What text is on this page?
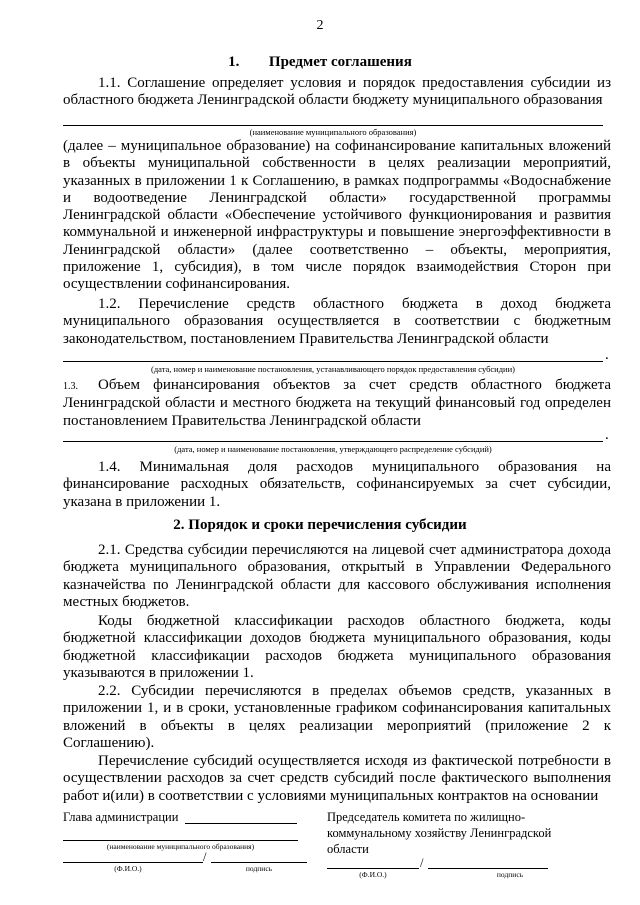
2
1. Предмет соглашения
1.1. Соглашение определяет условия и порядок предоставления субсидии из областного бюджета Ленинградской области бюджету муниципального образования
(наименование муниципального образования)
(далее – муниципальное образование) на софинансирование капитальных вложений в объекты муниципальной собственности в целях реализации мероприятий, указанных в приложении 1 к Соглашению, в рамках подпрограммы «Водоснабжение и водоотведение Ленинградской области» государственной программы Ленинградской области «Обеспечение устойчивого функционирования и развития коммунальной и инженерной инфраструктуры и повышение энергоэффективности в Ленинградской области» (далее соответственно – объекты, мероприятия, приложение 1, субсидия), в том числе порядок взаимодействия Сторон при осуществлении софинансирования.
1.2. Перечисление средств областного бюджета в доход бюджета муниципального образования осуществляется в соответствии с бюджетным законодательством, постановлением Правительства Ленинградской области
.
(дата, номер и наименование постановления, устанавливающего порядок предоставления субсидии)
1.3. Объем финансирования объектов за счет средств областного бюджета Ленинградской области и местного бюджета на текущий финансовый год определен постановлением Правительства Ленинградской области
.
(дата, номер и наименование постановления, утверждающего распределение субсидий)
1.4. Минимальная доля расходов муниципального образования на финансирование расходных обязательств, софинансируемых за счет субсидии, указана в приложении 1.
2. Порядок и сроки перечисления субсидии
2.1. Средства субсидии перечисляются на лицевой счет администратора дохода бюджета муниципального образования, открытый в Управлении Федерального казначейства по Ленинградской области для кассового обслуживания исполнения местных бюджетов.
Коды бюджетной классификации расходов областного бюджета, коды бюджетной классификации доходов бюджета муниципального образования, коды бюджетной классификации расходов бюджета муниципального образования указываются в приложении 1.
2.2. Субсидии перечисляются в пределах объемов средств, указанных в приложении 1, и в сроки, установленные графиком софинансирования капитальных вложений в объекты в целях реализации мероприятий (приложение 2 к Соглашению).
Перечисление субсидий осуществляется исходя из фактической потребности в осуществлении расходов за счет средств субсидий после фактического выполнения работ и(или) в соответствии с условиями муниципальных контрактов на основании
Глава администрации
(наименование муниципального образования)
/
(Ф.И.О.)	подпись
Председатель комитета по жилищно-
коммунальному хозяйству Ленинградской
области
/
(Ф.И.О.)	подпись
